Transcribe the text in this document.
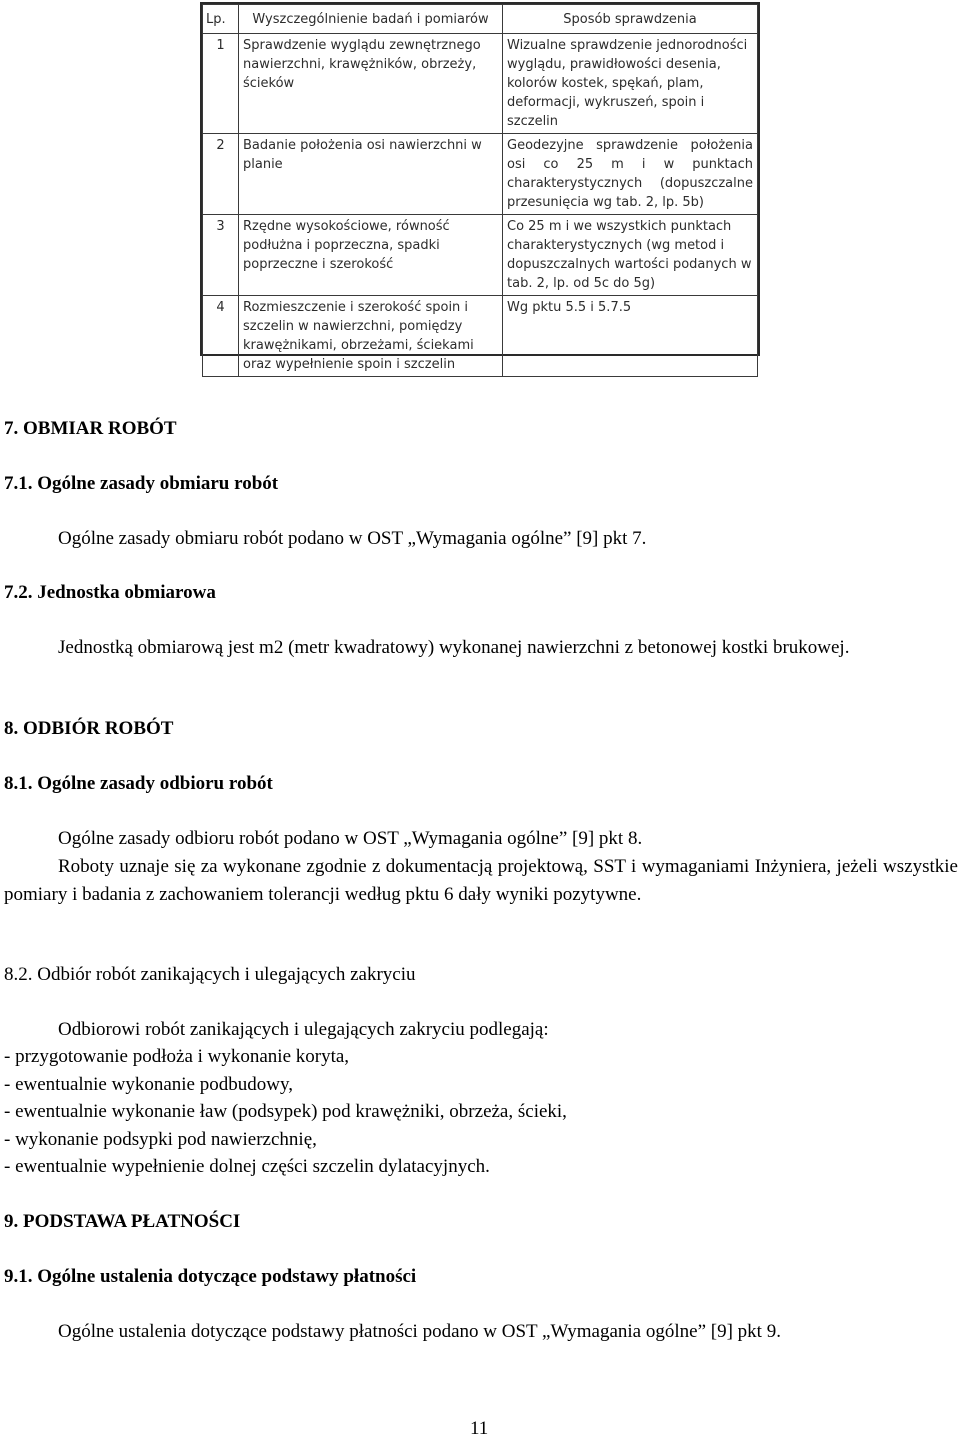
Lp.	Wyszczególnienie badań i pomiarów	Sposób sprawdzenia
1	Sprawdzenie wyglądu zewnętrznego nawierzchni, krawężników, obrzeży, ścieków	Wizualne sprawdzenie jednorodności wyglądu, prawidłowości desenia, kolorów kostek, spękań, plam, deformacji, wykruszeń, spoin i szczelin
2	Badanie położenia osi nawierzchni w planie	Geodezyjne sprawdzenie położenia osi co 25 m i w punktach charakterystycznych (dopuszczalne przesunięcia wg tab. 2, lp. 5b)
3	Rzędne wysokościowe, równość podłużna i poprzeczna, spadki poprzeczne i szerokość	Co 25 m i we wszystkich punktach charakterystycznych (wg metod i dopuszczalnych wartości podanych w tab. 2, lp. od 5c do 5g)
4	Rozmieszczenie i szerokość spoin i szczelin w nawierzchni, pomiędzy krawężnikami, obrzeżami, ściekami oraz wypełnienie spoin i szczelin	Wg pktu 5.5 i 5.7.5
7. OBMIAR ROBÓT
7.1. Ogólne zasady obmiaru robót
Ogólne zasady obmiaru robót podano w OST „Wymagania ogólne” [9] pkt 7.
7.2. Jednostka obmiarowa
Jednostką obmiarową jest m2 (metr kwadratowy) wykonanej nawierzchni z betonowej kostki brukowej.
8. ODBIÓR ROBÓT
8.1. Ogólne zasady odbioru robót
Ogólne zasady odbioru robót podano w OST „Wymagania ogólne” [9] pkt 8.
Roboty uznaje się za wykonane zgodnie z dokumentacją projektową, SST i wymaganiami Inżyniera, jeżeli wszystkie pomiary i badania z zachowaniem tolerancji według pktu 6 dały wyniki pozytywne.
8.2. Odbiór robót zanikających i ulegających zakryciu
Odbiorowi robót zanikających i ulegających zakryciu podlegają:
- przygotowanie podłoża i wykonanie koryta,
- ewentualnie wykonanie podbudowy,
- ewentualnie wykonanie ław (podsypek) pod krawężniki, obrzeża, ścieki,
- wykonanie podsypki pod nawierzchnię,
- ewentualnie wypełnienie dolnej części szczelin dylatacyjnych.
9. PODSTAWA PŁATNOŚCI
9.1. Ogólne ustalenia dotyczące podstawy płatności
Ogólne ustalenia dotyczące podstawy płatności podano w OST „Wymagania ogólne” [9] pkt 9.
11
